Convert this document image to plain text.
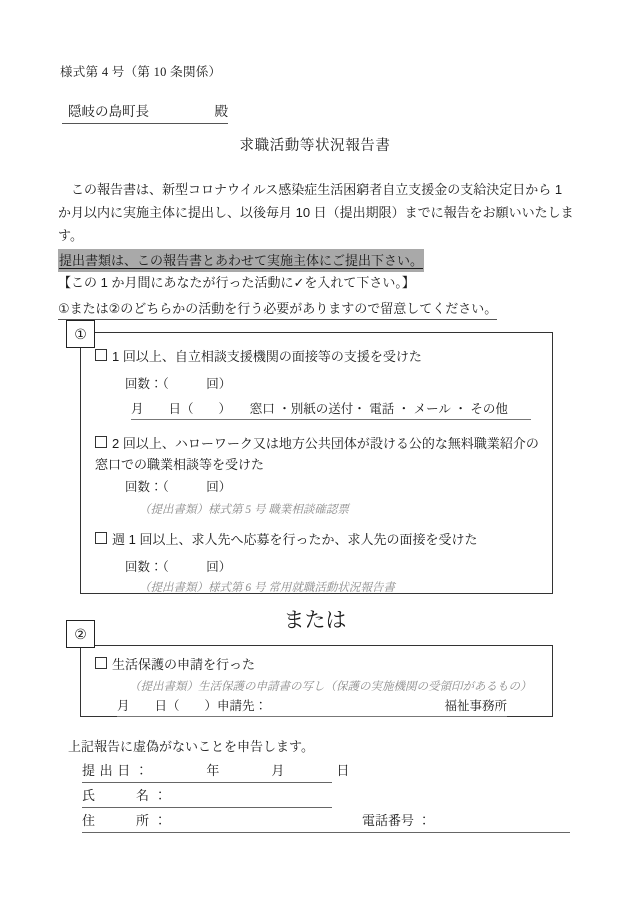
様式第 4 号（第 10 条関係）
隠岐の島町長	殿
求職活動等状況報告書

この報告書は、新型コロナウイルス感染症生活困窮者自立支援金の支給決定日から 1 か月以内に実施主体に提出し、以後毎月 10 日（提出期限）までに報告をお願いいたします。

提出書類は、この報告書とあわせて実施主体にご提出下さい。
【この 1 か月間にあなたが行った活動に✓を入れて下さい。】
①または②のどちらかの活動を行う必要がありますので留意してください。
①
1 回以上、自立相談支援機関の面接等の支援を受けた
回数：（　　　回）
月　　日（　　）　　窓口 ・別紙の送付・ 電話 ・ メール ・ その他
2 回以上、ハローワーク又は地方公共団体が設ける公的な無料職業紹介の窓口での職業相談等を受けた
回数：（　　　回）
（提出書類）様式第 5 号 職業相談確認票
週 1 回以上、求人先へ応募を行ったか、求人先の面接を受けた
回数：（　　　回）
（提出書類）様式第 6 号 常用就職活動状況報告書
または
②
生活保護の申請を行った
（提出書類）生活保護の申請書の写し（保護の実施機関の受領印があるもの）
月　　日（　　）申請先：	福祉事務所
上記報告に虚偽がないことを申告します。
提 出 日 ：	年	月	日
氏　　　名 ：
住　　　所 ：	電話番号 ：
